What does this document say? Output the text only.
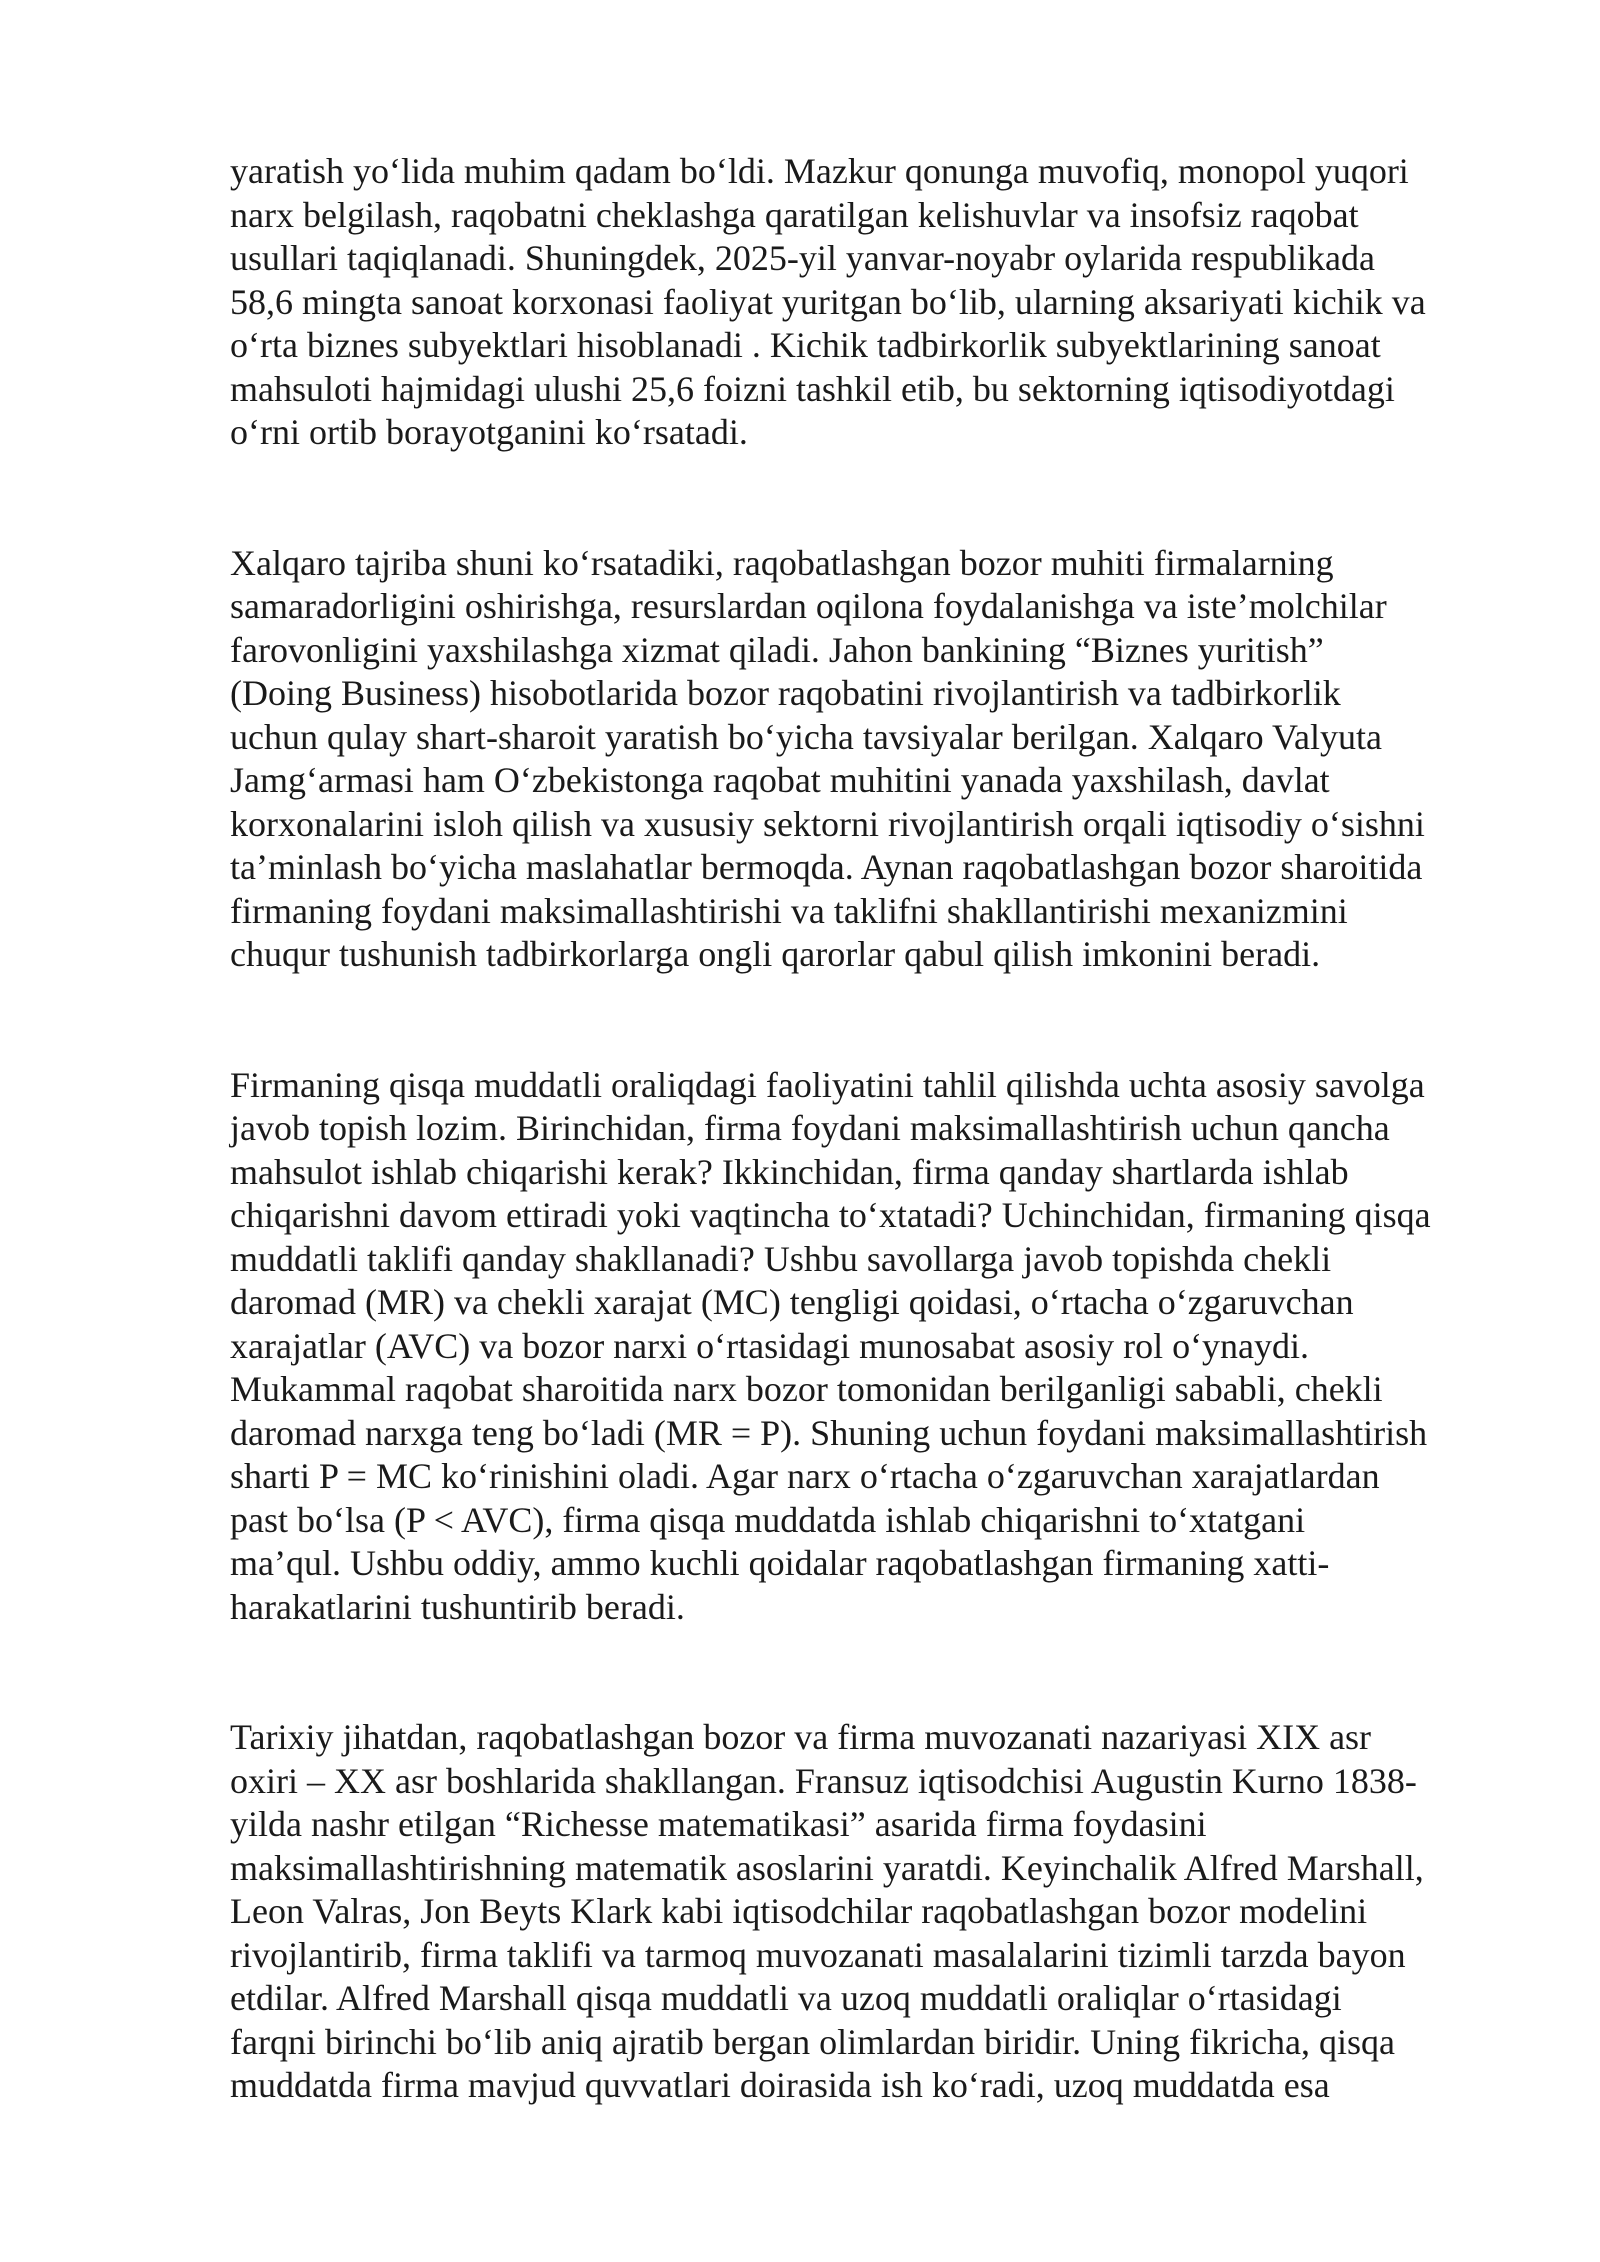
yaratish yo‘lida muhim qadam bo‘ldi. Mazkur qonunga muvofiq, monopol yuqori
narx belgilash, raqobatni cheklashga qaratilgan kelishuvlar va insofsiz raqobat
usullari taqiqlanadi. Shuningdek, 2025-yil yanvar-noyabr oylarida respublikada
58,6 mingta sanoat korxonasi faoliyat yuritgan bo‘lib, ularning aksariyati kichik va
o‘rta biznes subyektlari hisoblanadi . Kichik tadbirkorlik subyektlarining sanoat
mahsuloti hajmidagi ulushi 25,6 foizni tashkil etib, bu sektorning iqtisodiyotdagi
o‘rni ortib borayotganini ko‘rsatadi.

Xalqaro tajriba shuni ko‘rsatadiki, raqobatlashgan bozor muhiti firmalarning
samaradorligini oshirishga, resurslardan oqilona foydalanishga va iste’molchilar
farovonligini yaxshilashga xizmat qiladi. Jahon bankining “Biznes yuritish”
(Doing Business) hisobotlarida bozor raqobatini rivojlantirish va tadbirkorlik
uchun qulay shart-sharoit yaratish bo‘yicha tavsiyalar berilgan. Xalqaro Valyuta
Jamg‘armasi ham O‘zbekistonga raqobat muhitini yanada yaxshilash, davlat
korxonalarini isloh qilish va xususiy sektorni rivojlantirish orqali iqtisodiy o‘sishni
ta’minlash bo‘yicha maslahatlar bermoqda. Aynan raqobatlashgan bozor sharoitida
firmaning foydani maksimallashtirishi va taklifni shakllantirishi mexanizmini
chuqur tushunish tadbirkorlarga ongli qarorlar qabul qilish imkonini beradi.

Firmaning qisqa muddatli oraliqdagi faoliyatini tahlil qilishda uchta asosiy savolga
javob topish lozim. Birinchidan, firma foydani maksimallashtirish uchun qancha
mahsulot ishlab chiqarishi kerak? Ikkinchidan, firma qanday shartlarda ishlab
chiqarishni davom ettiradi yoki vaqtincha to‘xtatadi? Uchinchidan, firmaning qisqa
muddatli taklifi qanday shakllanadi? Ushbu savollarga javob topishda chekli
daromad (MR) va chekli xarajat (MC) tengligi qoidasi, o‘rtacha o‘zgaruvchan
xarajatlar (AVC) va bozor narxi o‘rtasidagi munosabat asosiy rol o‘ynaydi.
Mukammal raqobat sharoitida narx bozor tomonidan berilganligi sababli, chekli
daromad narxga teng bo‘ladi (MR = P). Shuning uchun foydani maksimallashtirish
sharti P = MC ko‘rinishini oladi. Agar narx o‘rtacha o‘zgaruvchan xarajatlardan
past bo‘lsa (P < AVC), firma qisqa muddatda ishlab chiqarishni to‘xtatgani
ma’qul. Ushbu oddiy, ammo kuchli qoidalar raqobatlashgan firmaning xatti-
harakatlarini tushuntirib beradi.

Tarixiy jihatdan, raqobatlashgan bozor va firma muvozanati nazariyasi XIX asr
oxiri – XX asr boshlarida shakllangan. Fransuz iqtisodchisi Augustin Kurno 1838-
yilda nashr etilgan “Richesse matematikasi” asarida firma foydasini
maksimallashtirishning matematik asoslarini yaratdi. Keyinchalik Alfred Marshall,
Leon Valras, Jon Beyts Klark kabi iqtisodchilar raqobatlashgan bozor modelini
rivojlantirib, firma taklifi va tarmoq muvozanati masalalarini tizimli tarzda bayon
etdilar. Alfred Marshall qisqa muddatli va uzoq muddatli oraliqlar o‘rtasidagi
farqni birinchi bo‘lib aniq ajratib bergan olimlardan biridir. Uning fikricha, qisqa
muddatda firma mavjud quvvatlari doirasida ish ko‘radi, uzoq muddatda esa
